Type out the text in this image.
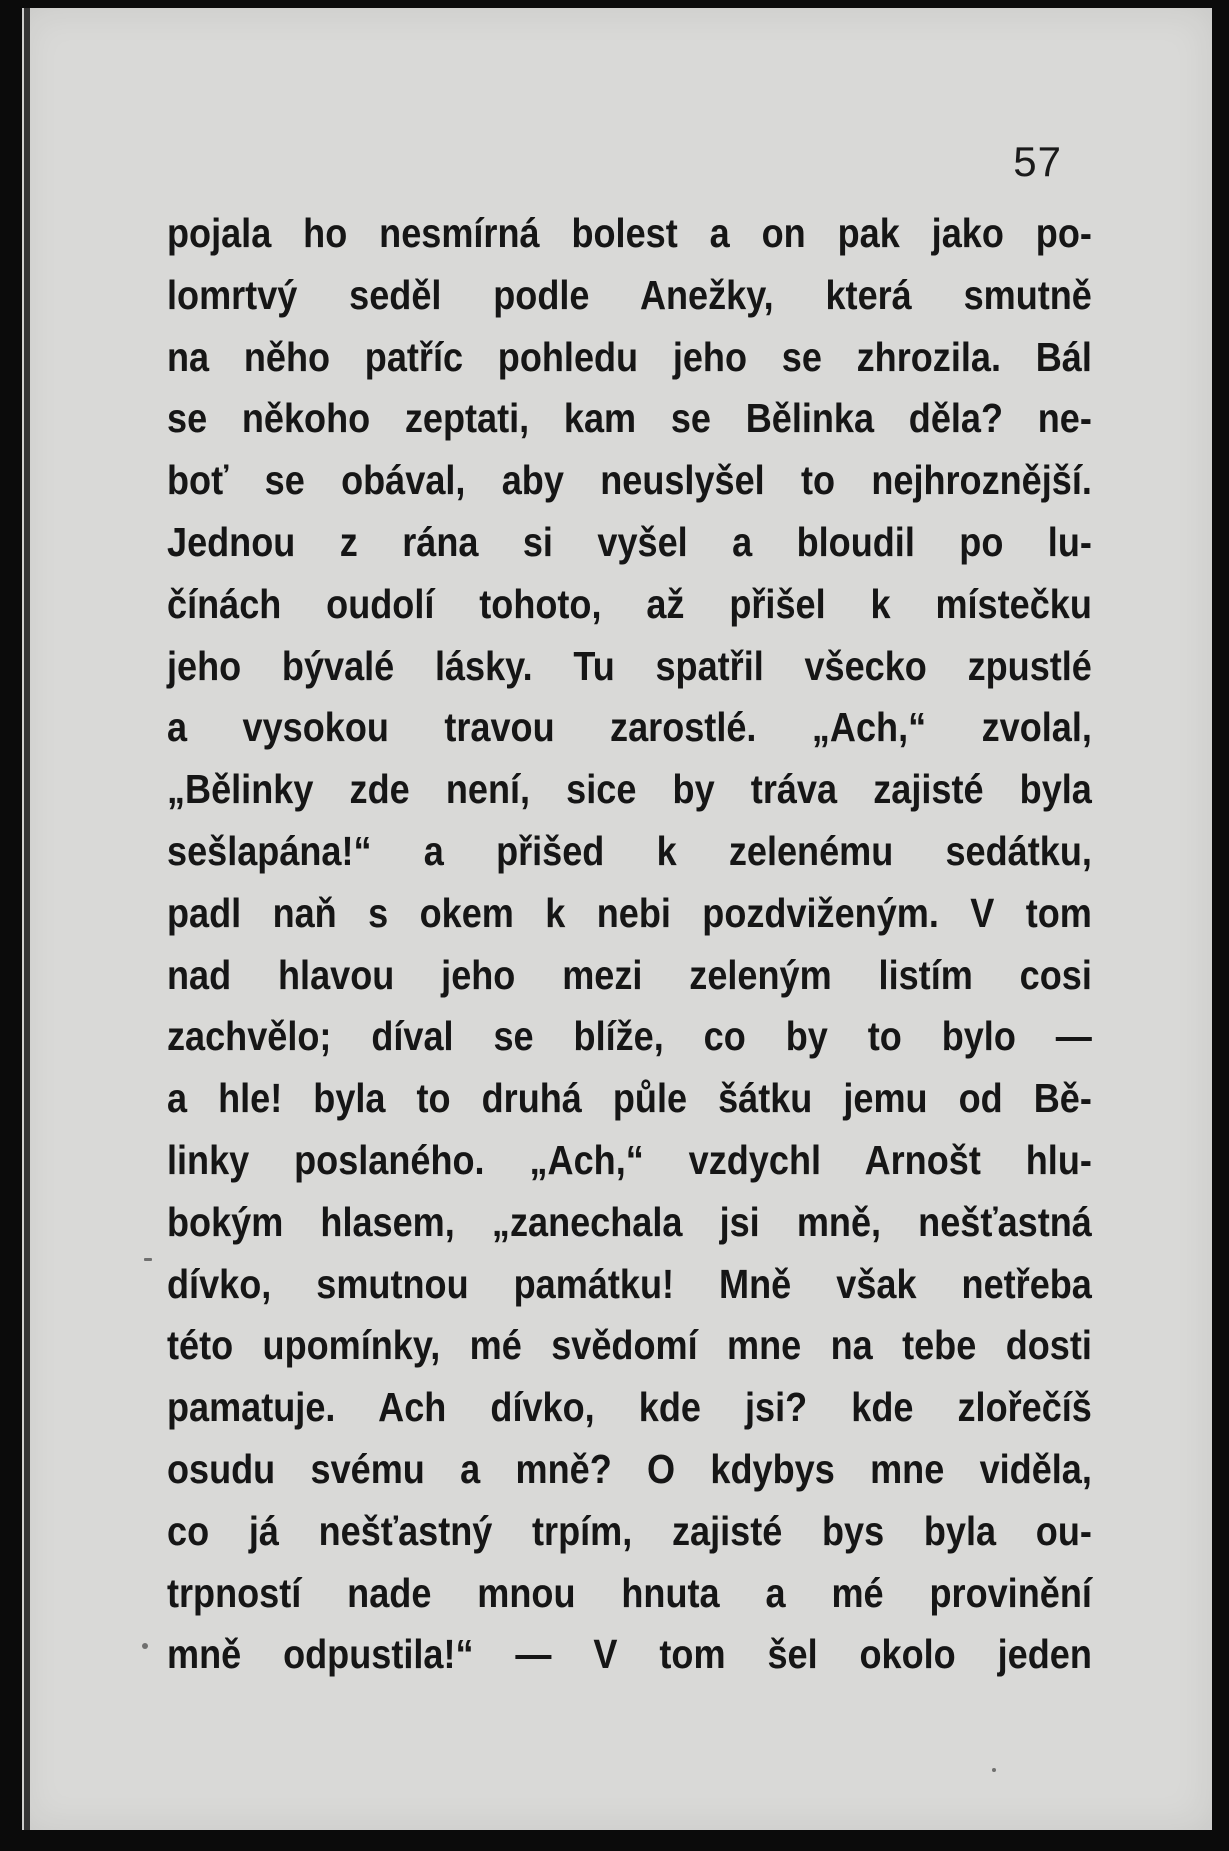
57
pojala ho nesmírná bolest a on pak jako po-
lomrtvý seděl podle Anežky, která smutně
na něho patříc pohledu jeho se zhrozila. Bál
se někoho zeptati, kam se Bělinka děla? ne-
boť se obával, aby neuslyšel to nejhroznější.
Jednou z rána si vyšel a bloudil po lu-
čínách oudolí tohoto, až přišel k místečku
jeho bývalé lásky. Tu spatřil všecko zpustlé
a vysokou travou zarostlé. „Ach,“ zvolal,
„Bělinky zde není, sice by tráva zajisté byla
sešlapána!“ a přišed k zelenému sedátku,
padl naň s okem k nebi pozdviženým. V tom
nad hlavou jeho mezi zeleným listím cosi
zachvělo; díval se blíže, co by to bylo —
a hle! byla to druhá půle šátku jemu od Bě-
linky poslaného. „Ach,“ vzdychl Arnošt hlu-
bokým hlasem, „zanechala jsi mně, nešťastná
dívko, smutnou památku! Mně však netřeba
této upomínky, mé svědomí mne na tebe dosti
pamatuje. Ach dívko, kde jsi? kde zlořečíš
osudu svému a mně? O kdybys mne viděla,
co já nešťastný trpím, zajisté bys byla ou-
trpností nade mnou hnuta a mé provinění
mně odpustila!“ — V tom šel okolo jeden
